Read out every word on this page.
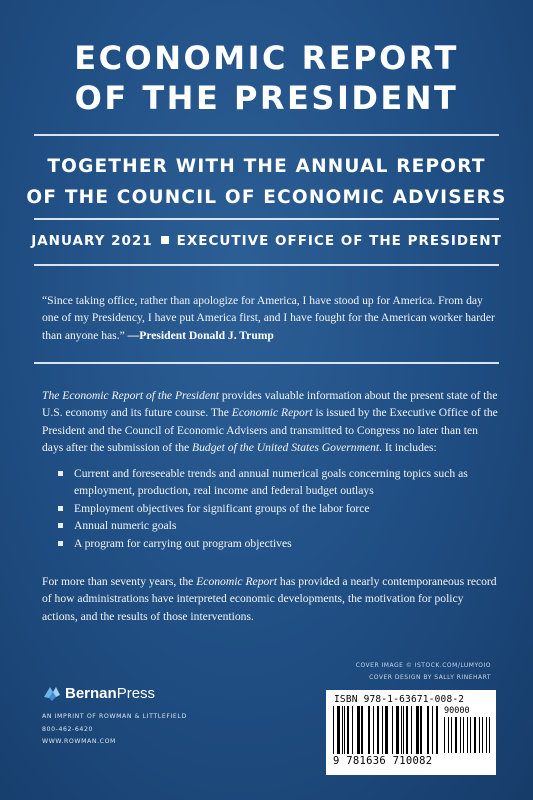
ECONOMIC REPORT
OF THE PRESIDENT
TOGETHER WITH THE ANNUAL REPORT
OF THE COUNCIL OF ECONOMIC ADVISERS
JANUARY 2021 EXECUTIVE OFFICE OF THE PRESIDENT
“Since taking office, rather than apologize for America, I have stood up for America. From day one of my Presidency, I have put America first, and I have fought for the American worker harder than anyone has.” —President Donald J. Trump
The Economic Report of the President provides valuable information about the present state of the U.S. economy and its future course. The Economic Report is issued by the Executive Office of the President and the Council of Economic Advisers and transmitted to Congress no later than ten days after the submission of the Budget of the United States Government. It includes:
Current and foreseeable trends and annual numerical goals concerning topics such as employment, production, real income and federal budget outlays
Employment objectives for significant groups of the labor force
Annual numeric goals
A program for carrying out program objectives
For more than seventy years, the Economic Report has provided a nearly contemporaneous record of how administrations have interpreted economic developments, the motivation for policy actions, and the results of those interventions.
COVER IMAGE © ISTOCK.COM/LUMYOIO
COVER DESIGN BY SALLY RINEHART
Bernan Press
AN IMPRINT OF ROWMAN & LITTLEFIELD
800-462-6420
WWW.ROWMAN.COM
ISBN 978-1-63671-008-2
90000
9 781636 710082
